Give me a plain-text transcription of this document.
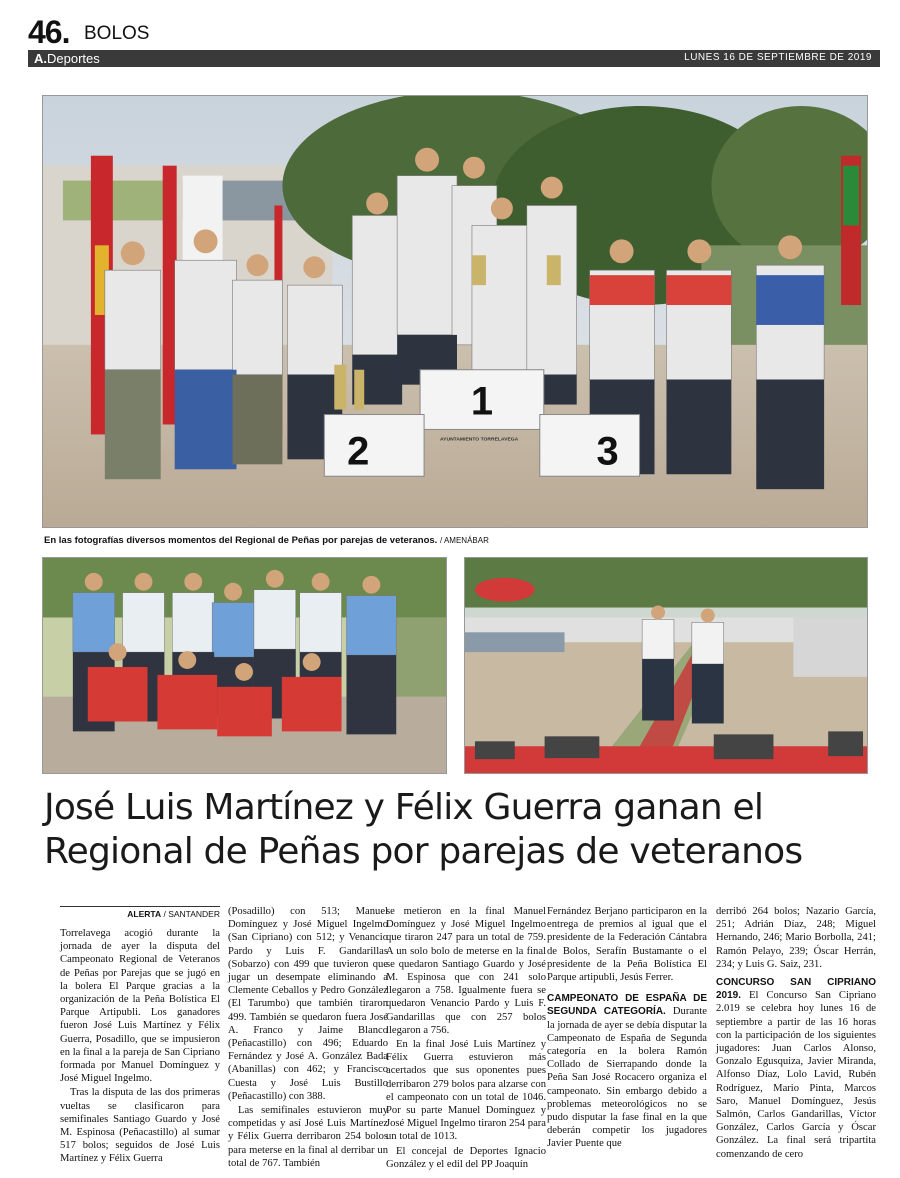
46. BOLOS
A.Deportes	LUNES 16 DE SEPTIEMBRE DE 2019
1
2	3
AYUNTAMIENTO TORRELAVEGA
En las fotografías diversos momentos del Regional de Peñas por parejas de veteranos. / AMENÁBAR
José Luis Martínez y Félix Guerra ganan el Regional de Peñas por parejas de veteranos
ALERTA / SANTANDER

Torrelavega acogió durante la jornada de ayer la disputa del Campeonato Regional de Veteranos de Peñas por Parejas que se jugó en la bolera El Parque gracias a la organización de la Peña Bolística El Parque Artipubli. Los ganadores fueron José Luis Martínez y Félix Guerra, Posadillo, que se impusieron en la final a la pareja de San Cipriano formada por Manuel Domínguez y José Miguel Ingelmo.

Tras la disputa de las dos primeras vueltas se clasificaron para semifinales Santiago Guardo y José M. Espinosa (Peñacastillo) al sumar 517 bolos; seguidos de José Luis Martínez y Félix Guerra

(Posadillo) con 513; Manuel Domínguez y José Miguel Ingelmo (San Cipriano) con 512; y Venancio Pardo y Luis F. Gandarillas (Sobarzo) con 499 que tuvieron que jugar un desempate eliminando a Clemente Ceballos y Pedro González (El Tarumbo) que también tiraron 499. También se quedaron fuera José A. Franco y Jaime Blanco (Peñacastillo) con 496; Eduardo Fernández y José A. González Bada (Abanillas) con 462; y Francisco Cuesta y José Luis Bustillo (Peñacastillo) con 388.

Las semifinales estuvieron muy competidas y así José Luis Martínez y Félix Guerra derribaron 254 bolos para meterse en la final al derribar un total de 767. También

se metieron en la final Manuel Domínguez y José Miguel Ingelmo que tiraron 247 para un total de 759. A un solo bolo de meterse en la final se quedaron Santiago Guardo y José M. Espinosa que con 241 solo llegaron a 758. Igualmente fuera se quedaron Venancio Pardo y Luis F. Gandarillas que con 257 bolos llegaron a 756.

En la final José Luis Martínez y Félix Guerra estuvieron más acertados que sus oponentes pues derribaron 279 bolos para alzarse con el campeonato con un total de 1046. Por su parte Manuel Domínguez y José Miguel Ingelmo tiraron 254 para un total de 1013.

El concejal de Deportes Ignacio González y el edil del PP Joaquín

Fernández Berjano participaron en la entrega de premios al igual que el presidente de la Federación Cántabra de Bolos, Serafín Bustamante o el presidente de la Peña Bolística El Parque artipubli, Jesús Ferrer.

CAMPEONATO DE ESPAÑA DE SEGUNDA CATEGORÍA. Durante la jornada de ayer se debía disputar la Campeonato de España de Segunda categoría en la bolera Ramón Collado de Sierrapando donde la Peña San José Rocacero organiza el campeonato. Sin embargo debido a problemas meteorológicos no se pudo disputar la fase final en la que deberán competir los jugadores Javier Puente que

derribó 264 bolos; Nazario García, 251; Adrián Díaz, 248; Miguel Hernando, 246; Mario Borbolla, 241; Ramón Pelayo, 239; Óscar Herrán, 234; y Luis G. Saiz, 231.

CONCURSO SAN CIPRIANO 2019. El Concurso San Cipriano 2.019 se celebra hoy lunes 16 de septiembre a partir de las 16 horas con la participación de los siguientes jugadores: Juan Carlos Alonso, Gonzalo Egusquiza, Javier Miranda, Alfonso Díaz, Lolo Lavid, Rubén Rodríguez, Mario Pinta, Marcos Saro, Manuel Domínguez, Jesús Salmón, Carlos Gandarillas, Víctor González, Carlos García y Óscar González. La final será tripartita comenzando de cero
